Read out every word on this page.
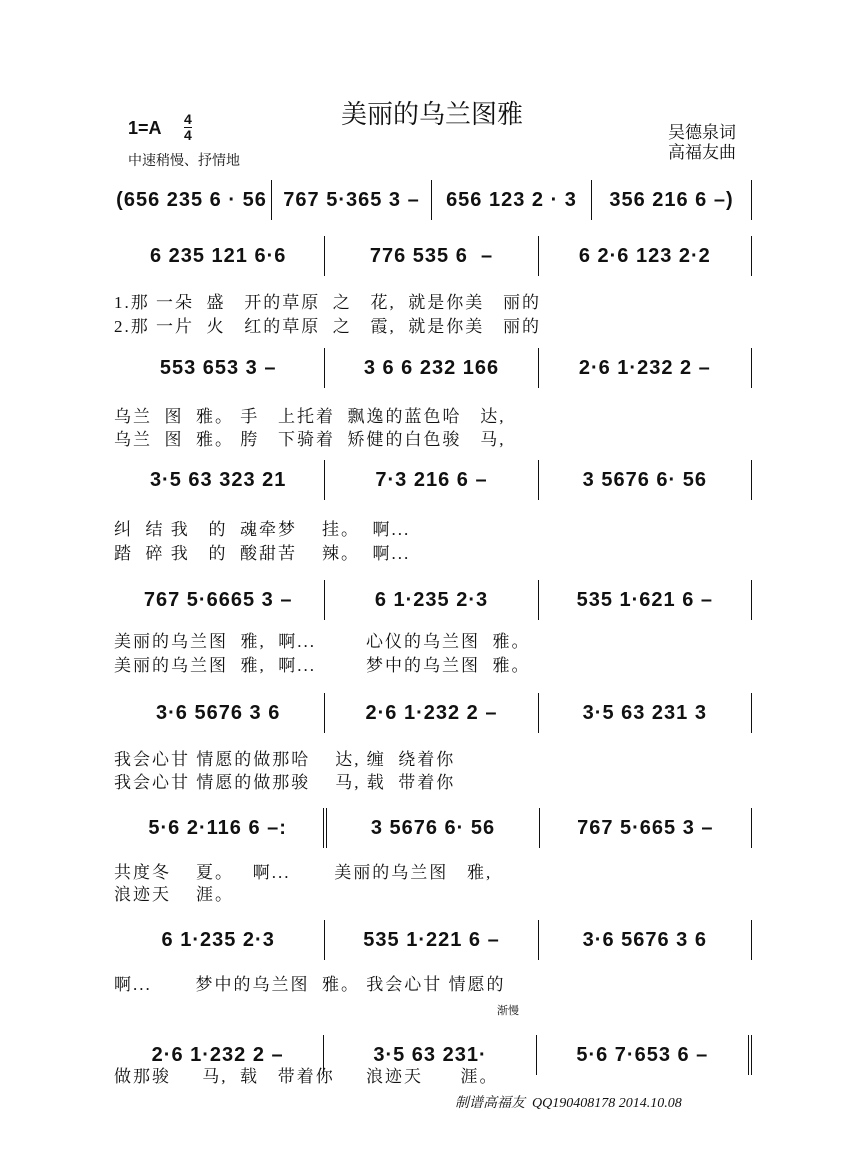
美丽的乌兰图雅
1=A 4
4
中速稍慢、抒情地
吴德泉词
高福友曲
(656 235 6 · 56 767 5·365 3 –	656 123 2 · 3	356 216 6 –)
6 235 121 6·6	776 535 6  –	6 2·6 123 2·2
1.那 一朵  盛   开的草原  之   花,  就是你美   丽的
2.那 一片  火   红的草原  之   霞,  就是你美   丽的
553 653 3 –	3 6 6 232 166	2·6 1·232 2 –
乌兰  图  雅。 手   上托着  飘逸的蓝色哈   达,
乌兰  图  雅。 胯   下骑着  矫健的白色骏   马,
3·5 63 323 21	7·3 216 6 –	3 5676 6· 56
纠  结 我   的  魂牵梦    挂。  啊...
踏  碎 我   的  酸甜苦    辣。  啊...
767 5·6665 3 –	6 1·235 2·3	535 1·621 6 –
美丽的乌兰图  雅,  啊...        心仪的乌兰图  雅。
美丽的乌兰图  雅,  啊...        梦中的乌兰图  雅。
3·6 5676 3 6	2·6 1·232 2 –	3·5 63 231 3
我会心甘 情愿的做那哈    达, 缠  绕着你
我会心甘 情愿的做那骏    马, 载  带着你
5·6 2·116 6 –:	3 5676 6· 56	767 5·665 3 –
共度冬    夏。   啊...       美丽的乌兰图   雅,
浪迹天    涯。
6 1·235 2·3	535 1·221 6 –	3·6 5676 3 6
啊...       梦中的乌兰图  雅。 我会心甘 情愿的
2·6 1·232 2 –	3·5 63 231·	5·6 7·653 6 –
做那骏     马,  载   带着你     浪迹天      涯。
渐慢
制谱高福友  QQ190408178 2014.10.08
